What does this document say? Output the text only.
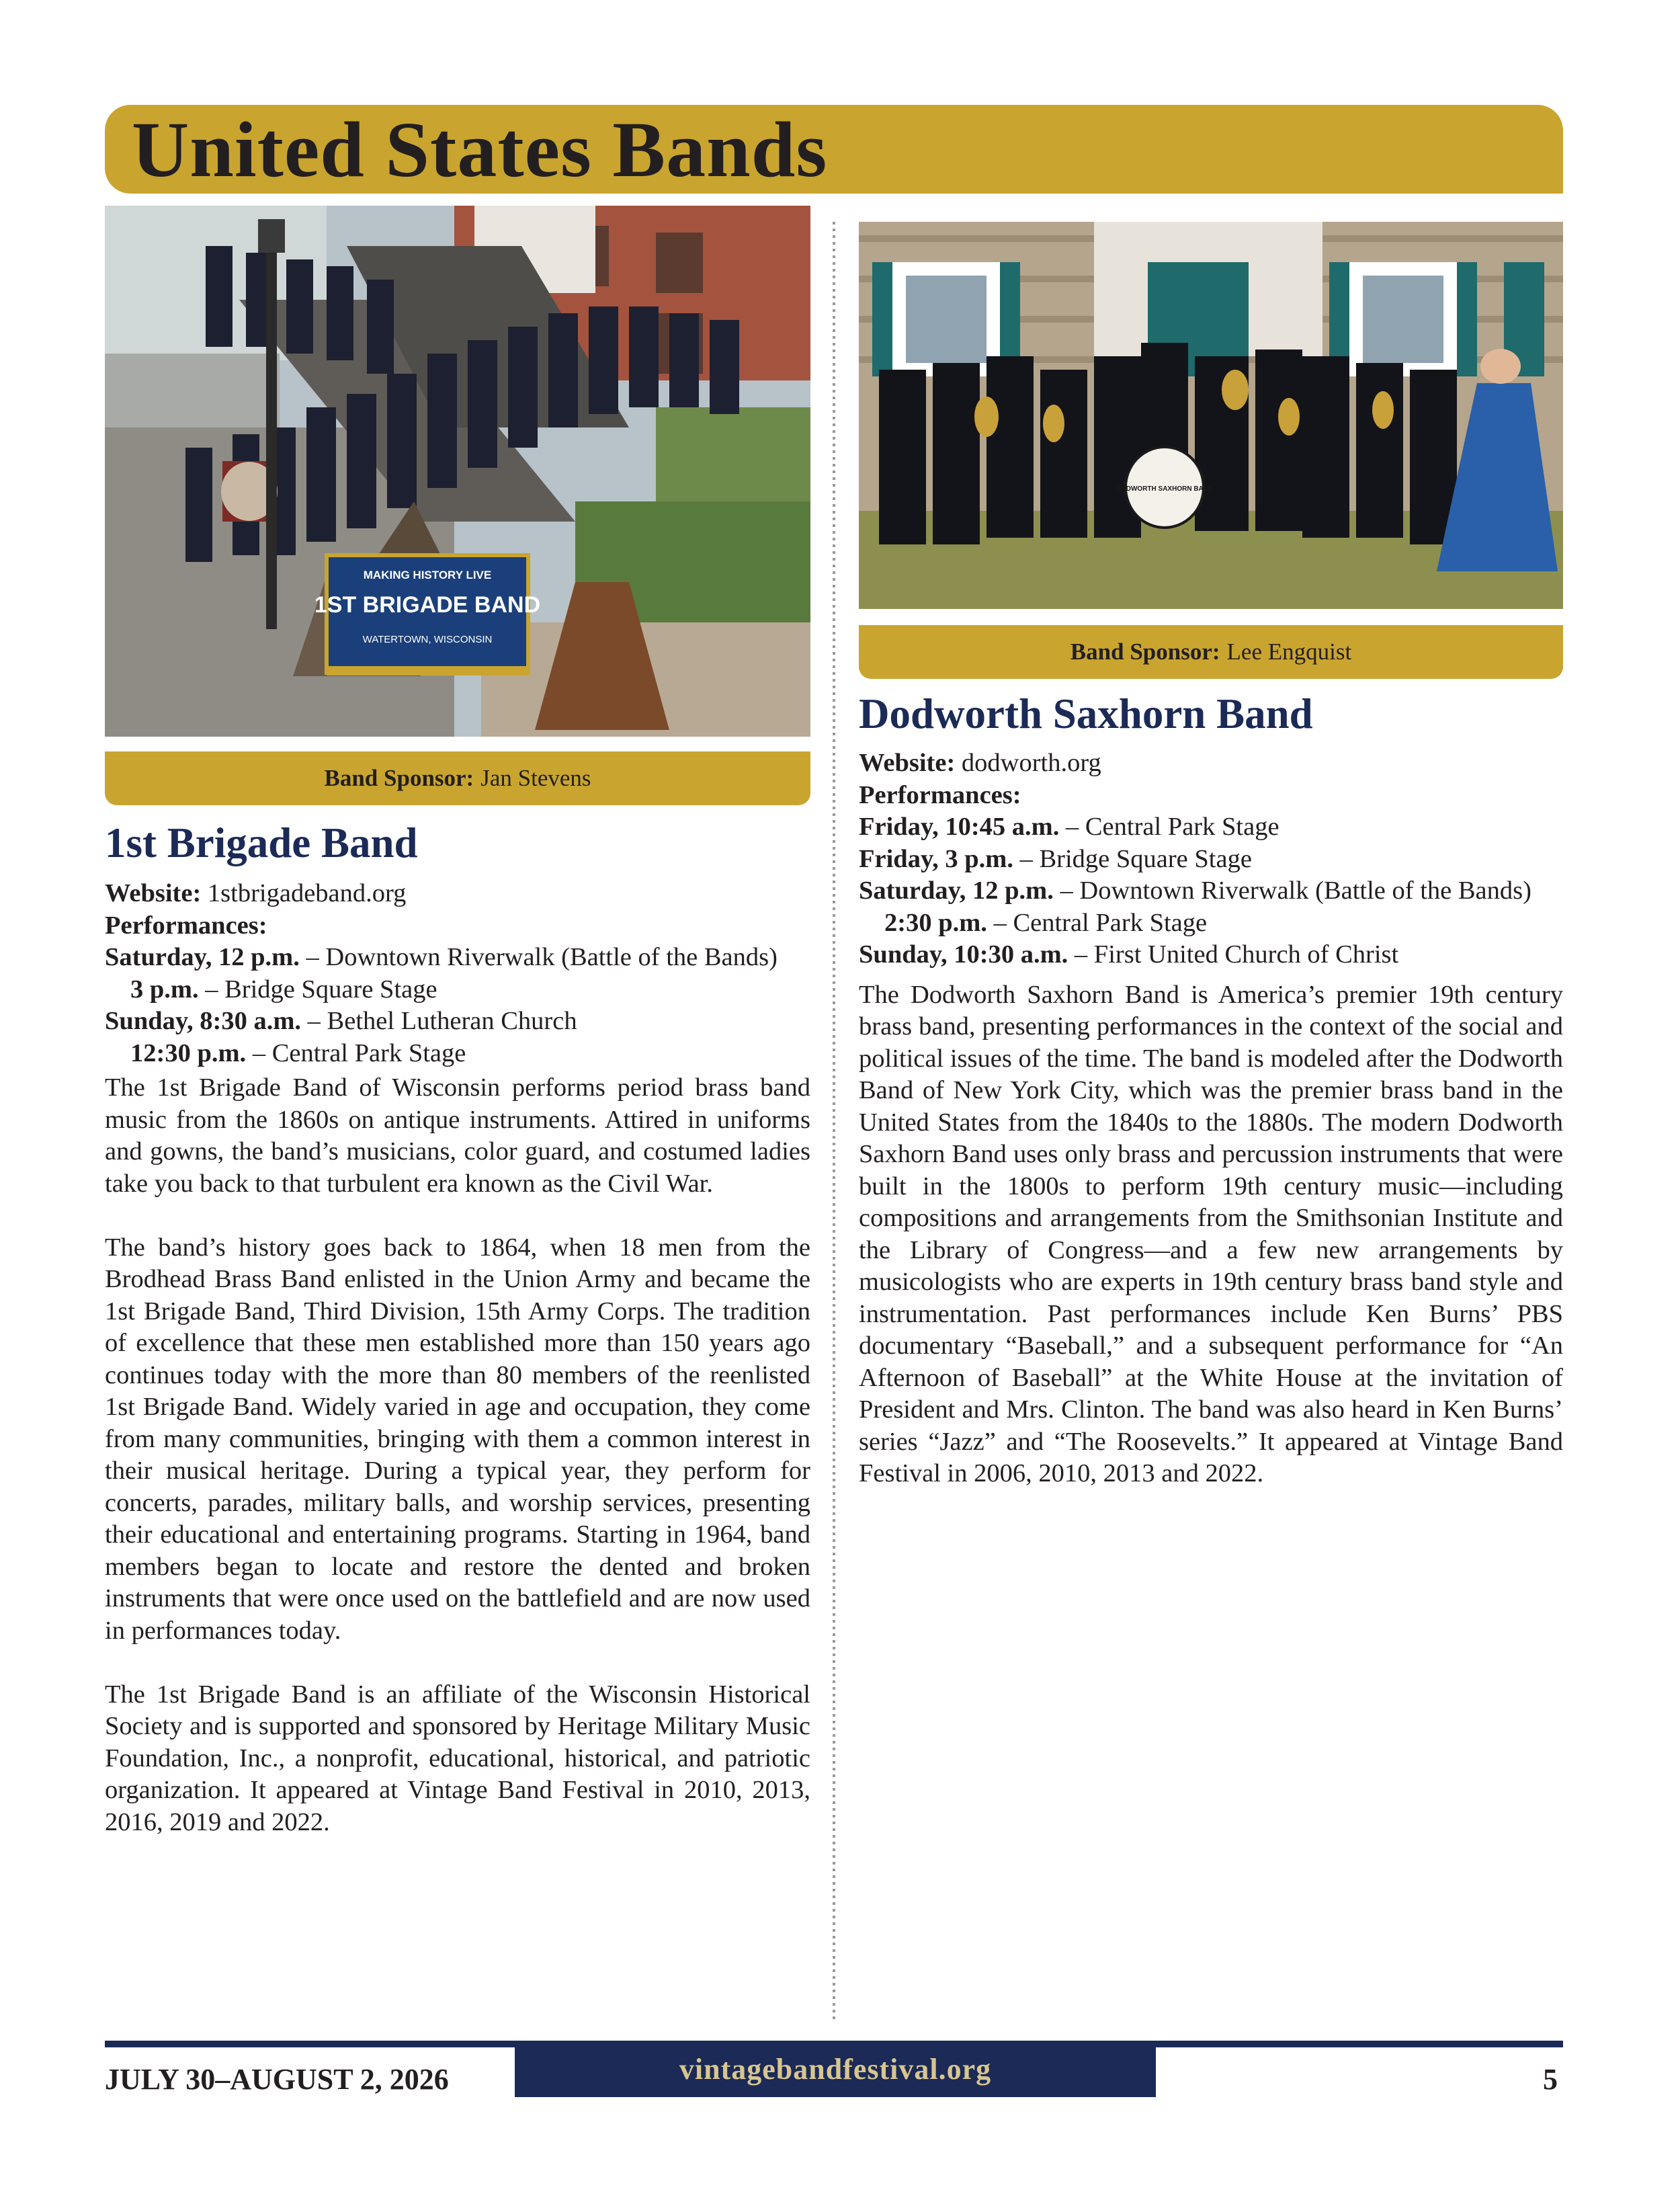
United States Bands
MAKING HISTORY LIVE
1ST BRIGADE BAND
WATERTOWN, WISCONSIN
Band Sponsor: Jan Stevens
1st Brigade Band
Website: 1stbrigadeband.org
Performances:
Saturday, 12 p.m. – Downtown Riverwalk (Battle of the Bands)
3 p.m. – Bridge Square Stage
Sunday, 8:30 a.m. – Bethel Lutheran Church
12:30 p.m. – Central Park Stage

The 1st Brigade Band of Wisconsin performs period brass band music from the 1860s on antique instruments. Attired in uniforms and gowns, the band’s musicians, color guard, and costumed ladies take you back to that turbulent era known as the Civil War.

The band’s history goes back to 1864, when 18 men from the Brodhead Brass Band enlisted in the Union Army and became the 1st Brigade Band, Third Division, 15th Army Corps. The tradition of excellence that these men established more than 150 years ago continues today with the more than 80 members of the reenlisted 1st Brigade Band. Widely varied in age and occupation, they come from many communities, bringing with them a common interest in their musical heritage. During a typical year, they perform for concerts, parades, military balls, and worship services, presenting their educational and entertaining programs. Starting in 1964, band members began to locate and restore the dented and broken instruments that were once used on the battlefield and are now used in performances today.

The 1st Brigade Band is an affiliate of the Wisconsin Historical Society and is supported and sponsored by Heritage Military Music Foundation, Inc., a nonprofit, educational, historical, and patriotic organization. It appeared at Vintage Band Festival in 2010, 2013, 2016, 2019 and 2022.

DODWORTH SAXHORN BAND
Band Sponsor: Lee Engquist
Dodworth Saxhorn Band
Website: dodworth.org
Performances:
Friday, 10:45 a.m. – Central Park Stage
Friday, 3 p.m. – Bridge Square Stage
Saturday, 12 p.m. – Downtown Riverwalk (Battle of the Bands)
2:30 p.m. – Central Park Stage
Sunday, 10:30 a.m. – First United Church of Christ

The Dodworth Saxhorn Band is America’s premier 19th century brass band, presenting performances in the context of the social and political issues of the time. The band is modeled after the Dodworth Band of New York City, which was the premier brass band in the United States from the 1840s to the 1880s. The modern Dodworth Saxhorn Band uses only brass and percussion instruments that were built in the 1800s to perform 19th century music—including compositions and arrangements from the Smithsonian Institute and the Library of Congress—and a few new arrangements by musicologists who are experts in 19th century brass band style and instrumentation. Past performances include Ken Burns’ PBS documentary “Baseball,” and a subsequent performance for “An Afternoon of Baseball” at the White House at the invitation of President and Mrs. Clinton. The band was also heard in Ken Burns’ series “Jazz” and “The Roosevelts.” It appeared at Vintage Band Festival in 2006, 2010, 2013 and 2022.

vintagebandfestival.org
JULY 30–AUGUST 2, 2026	5
